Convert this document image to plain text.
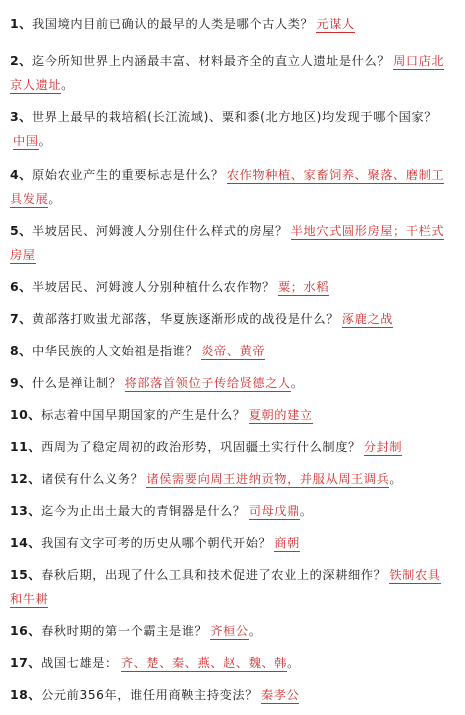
1、我国境内目前已确认的最早的人类是哪个古人类？ 元谋人
2、迄今所知世界上内涵最丰富、材料最齐全的直立人遗址是什么？ 周口店北京人遗址。
3、世界上最早的栽培稻(长江流域)、粟和黍(北方地区)均发现于哪个国家？中国。
4、原始农业产生的重要标志是什么？ 农作物种植、家畜饲养、聚落、磨制工具发展。
5、半坡居民、河姆渡人分别住什么样式的房屋？ 半地穴式圆形房屋；干栏式房屋
6、半坡居民、河姆渡人分别种植什么农作物？ 粟；水稻
7、黄部落打败蚩尤部落，华夏族逐渐形成的战役是什么？ 涿鹿之战
8、中华民族的人文始祖是指谁？ 炎帝、黄帝
9、什么是禅让制？ 将部落首领位子传给贤德之人。
10、标志着中国早期国家的产生是什么？ 夏朝的建立
11、西周为了稳定周初的政治形势，巩固疆土实行什么制度？ 分封制
12、诸侯有什么义务？ 诸侯需要向周王进纳贡物，并服从周王调兵。
13、迄今为止出土最大的青铜器是什么？ 司母戊鼎。
14、我国有文字可考的历史从哪个朝代开始？ 商朝
15、春秋后期，出现了什么工具和技术促进了农业上的深耕细作？ 铁制农具和牛耕
16、春秋时期的第一个霸主是谁？ 齐桓公。
17、战国七雄是： 齐、楚、秦、燕、赵、魏、韩。
18、公元前356年，谁任用商鞅主持变法？ 秦孝公
